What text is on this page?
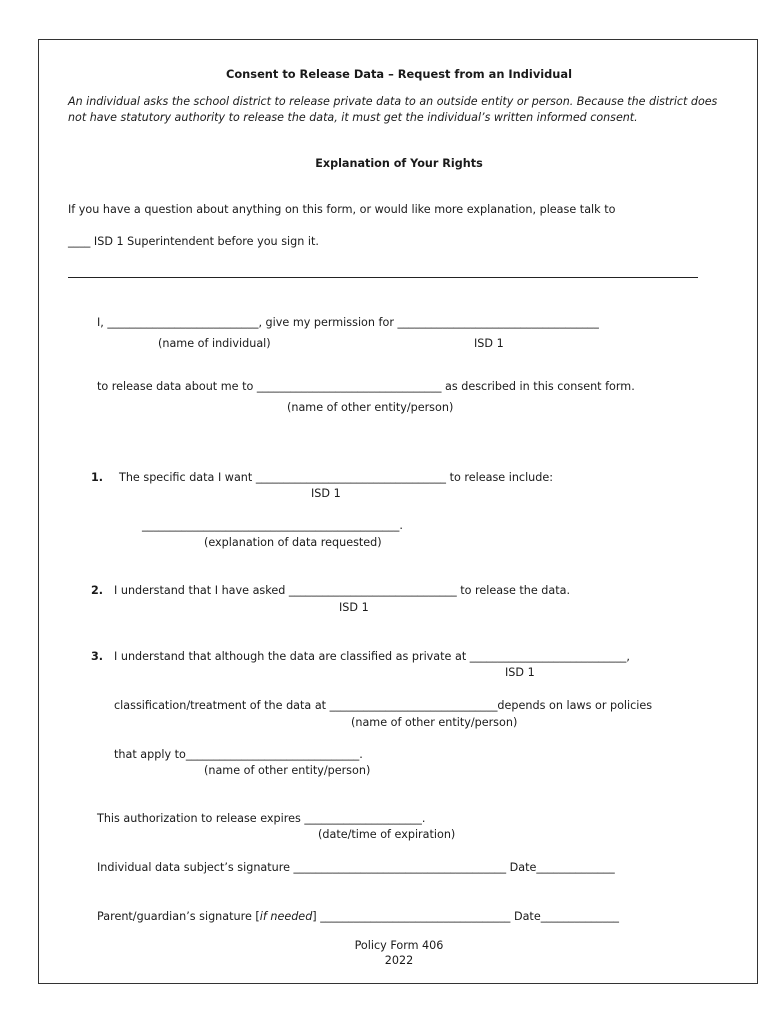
Consent to Release Data – Request from an Individual
An individual asks the school district to release private data to an outside entity or person. Because the district does not have statutory authority to release the data, it must get the individual’s written informed consent.
Explanation of Your Rights
If you have a question about anything on this form, or would like more explanation, please talk to
____ ISD 1 Superintendent before you sign it.
I, ___________________________, give my permission for ____________________________________
(name of individual)	ISD 1
to release data about me to _________________________________ as described in this consent form.
(name of other entity/person)
1. The specific data I want __________________________________ to release include:
ISD 1
______________________________________________.
(explanation of data requested)
2. I understand that I have asked ______________________________ to release the data.
ISD 1
3. I understand that although the data are classified as private at ____________________________,
ISD 1
classification/treatment of the data at ______________________________depends on laws or policies
(name of other entity/person)
that apply to_______________________________.
(name of other entity/person)
This authorization to release expires _____________________.
(date/time of expiration)
Individual data subject’s signature ______________________________________ Date______________
Parent/guardian’s signature [if needed] __________________________________ Date______________
Policy Form 406
2022
